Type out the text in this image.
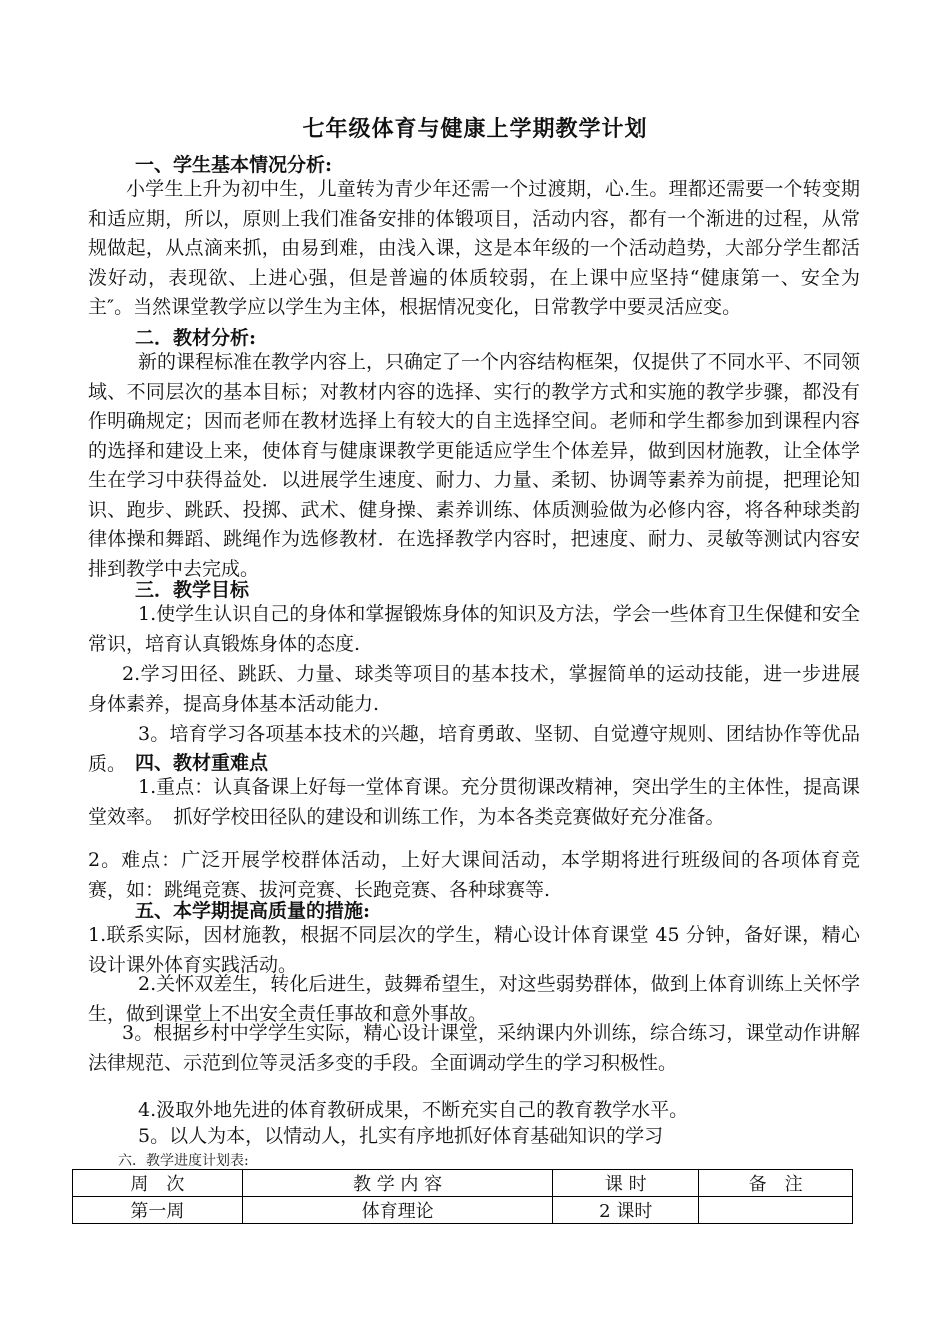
七年级体育与健康上学期教学计划
一、学生基本情况分析:
小学生上升为初中生，儿童转为青少年还需一个过渡期，心.生。理都还需要一个转变期和适应期，所以，原则上我们准备安排的体锻项目，活动内容，都有一个渐进的过程，从常规做起，从点滴来抓，由易到难，由浅入课，这是本年级的一个活动趋势，大部分学生都活泼好动，表现欲、上进心强，但是普遍的体质较弱，在上课中应坚持“健康第一、安全为主″。当然课堂教学应以学生为主体，根据情况变化，日常教学中要灵活应变。
二．教材分析:
新的课程标准在教学内容上，只确定了一个内容结构框架，仅提供了不同水平、不同领域、不同层次的基本目标；对教材内容的选择、实行的教学方式和实施的教学步骤，都没有作明确规定；因而老师在教材选择上有较大的自主选择空间。老师和学生都参加到课程内容的选择和建设上来，使体育与健康课教学更能适应学生个体差异，做到因材施教，让全体学生在学习中获得益处．以进展学生速度、耐力、力量、柔韧、协调等素养为前提，把理论知识、跑步、跳跃、投掷、武术、健身操、素养训练、体质测验做为必修内容，将各种球类韵律体操和舞蹈、跳绳作为选修教材．在选择教学内容时，把速度、耐力、灵敏等测试内容安排到教学中去完成。
三．教学目标
1.使学生认识自己的身体和掌握锻炼身体的知识及方法，学会一些体育卫生保健和安全常识，培育认真锻炼身体的态度.
2.学习田径、跳跃、力量、球类等项目的基本技术，掌握简单的运动技能，进一步进展身体素养，提高身体基本活动能力.
3。培育学习各项基本技术的兴趣，培育勇敢、坚韧、自觉遵守规则、团结协作等优品质。 四、教材重难点
1.重点：认真备课上好每一堂体育课。充分贯彻课改精神，突出学生的主体性，提高课堂效率。　抓好学校田径队的建设和训练工作，为本各类竞赛做好充分准备。
2。难点：广泛开展学校群体活动，上好大课间活动，本学期将进行班级间的各项体育竞赛，如：跳绳竞赛、拔河竞赛、长跑竞赛、各种球赛等.
五、本学期提高质量的措施:
1.联系实际，因材施教，根据不同层次的学生，精心设计体育课堂 45 分钟，备好课，精心设计课外体育实践活动。
2.关怀双差生，转化后进生，鼓舞希望生，对这些弱势群体，做到上体育训练上关怀学生，做到课堂上不出安全责任事故和意外事故。
3。根据乡村中学学生实际，精心设计课堂，采纳课内外训练，综合练习，课堂动作讲解法律规范、示范到位等灵活多变的手段。全面调动学生的学习积极性。
4.汲取外地先进的体育教研成果，不断充实自己的教育教学水平。
5。以人为本，以情动人，扎实有序地抓好体育基础知识的学习
六．教学进度计划表:
周　次	教 学 内 容	课 时	备　注
第一周	体育理论	2 课时	
